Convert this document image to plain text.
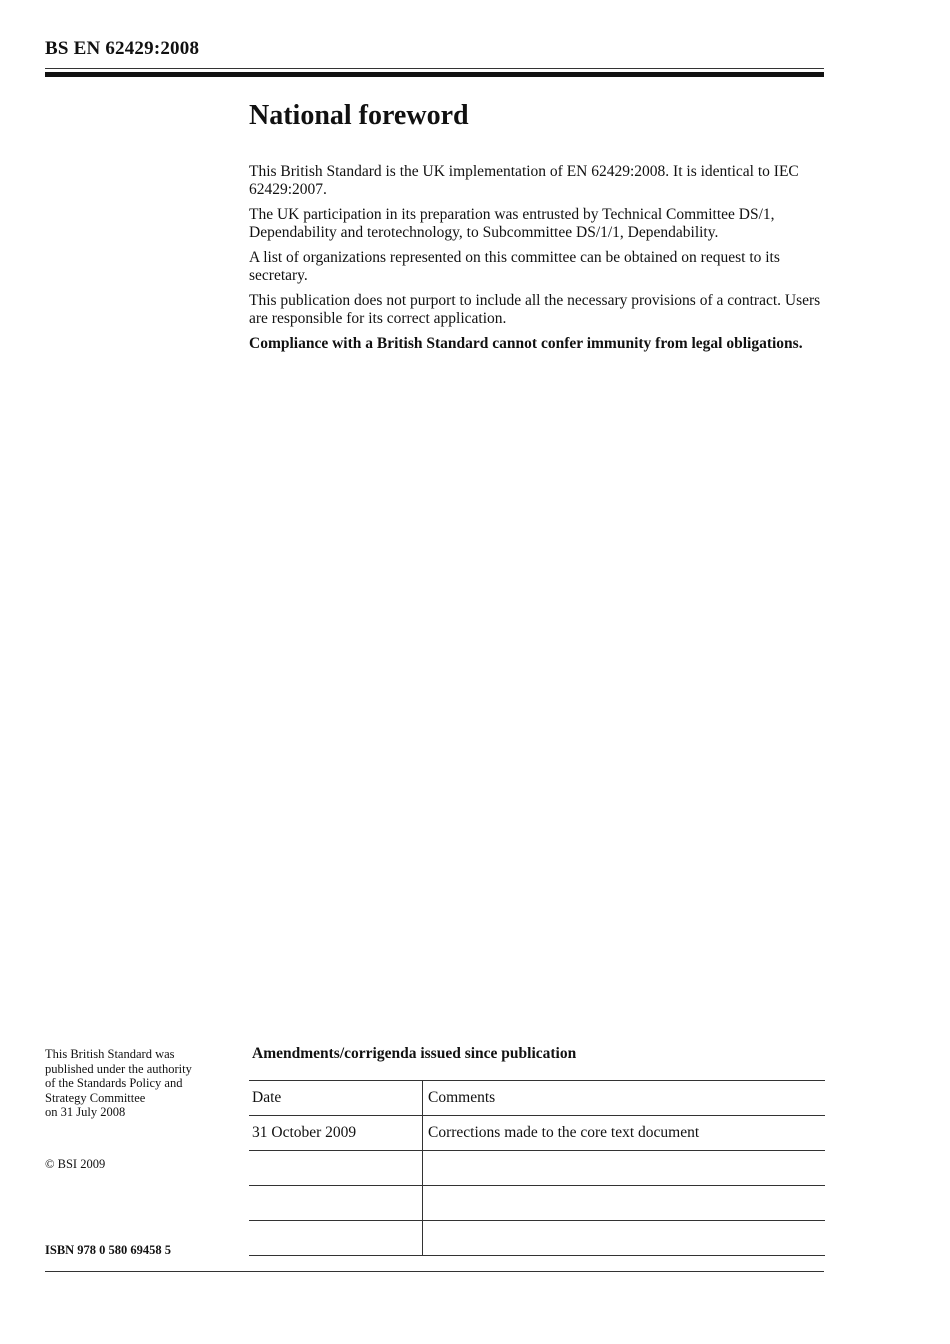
BS EN 62429:2008
National foreword

This British Standard is the UK implementation of EN 62429:2008. It is identical to IEC 62429:2007.

The UK participation in its preparation was entrusted by Technical Committee DS/1, Dependability and terotechnology, to Subcommittee DS/1/1, Dependability.

A list of organizations represented on this committee can be obtained on request to its secretary.

This publication does not purport to include all the necessary provisions of a contract. Users are responsible for its correct application.

Compliance with a British Standard cannot confer immunity from legal obligations.

This British Standard was
published under the authority
of the Standards Policy and
Strategy Committee
on 31 July 2008
© BSI 2009
ISBN 978 0 580 69458 5
Amendments/corrigenda issued since publication
Date	Comments
31 October 2009	Corrections made to the core text document
